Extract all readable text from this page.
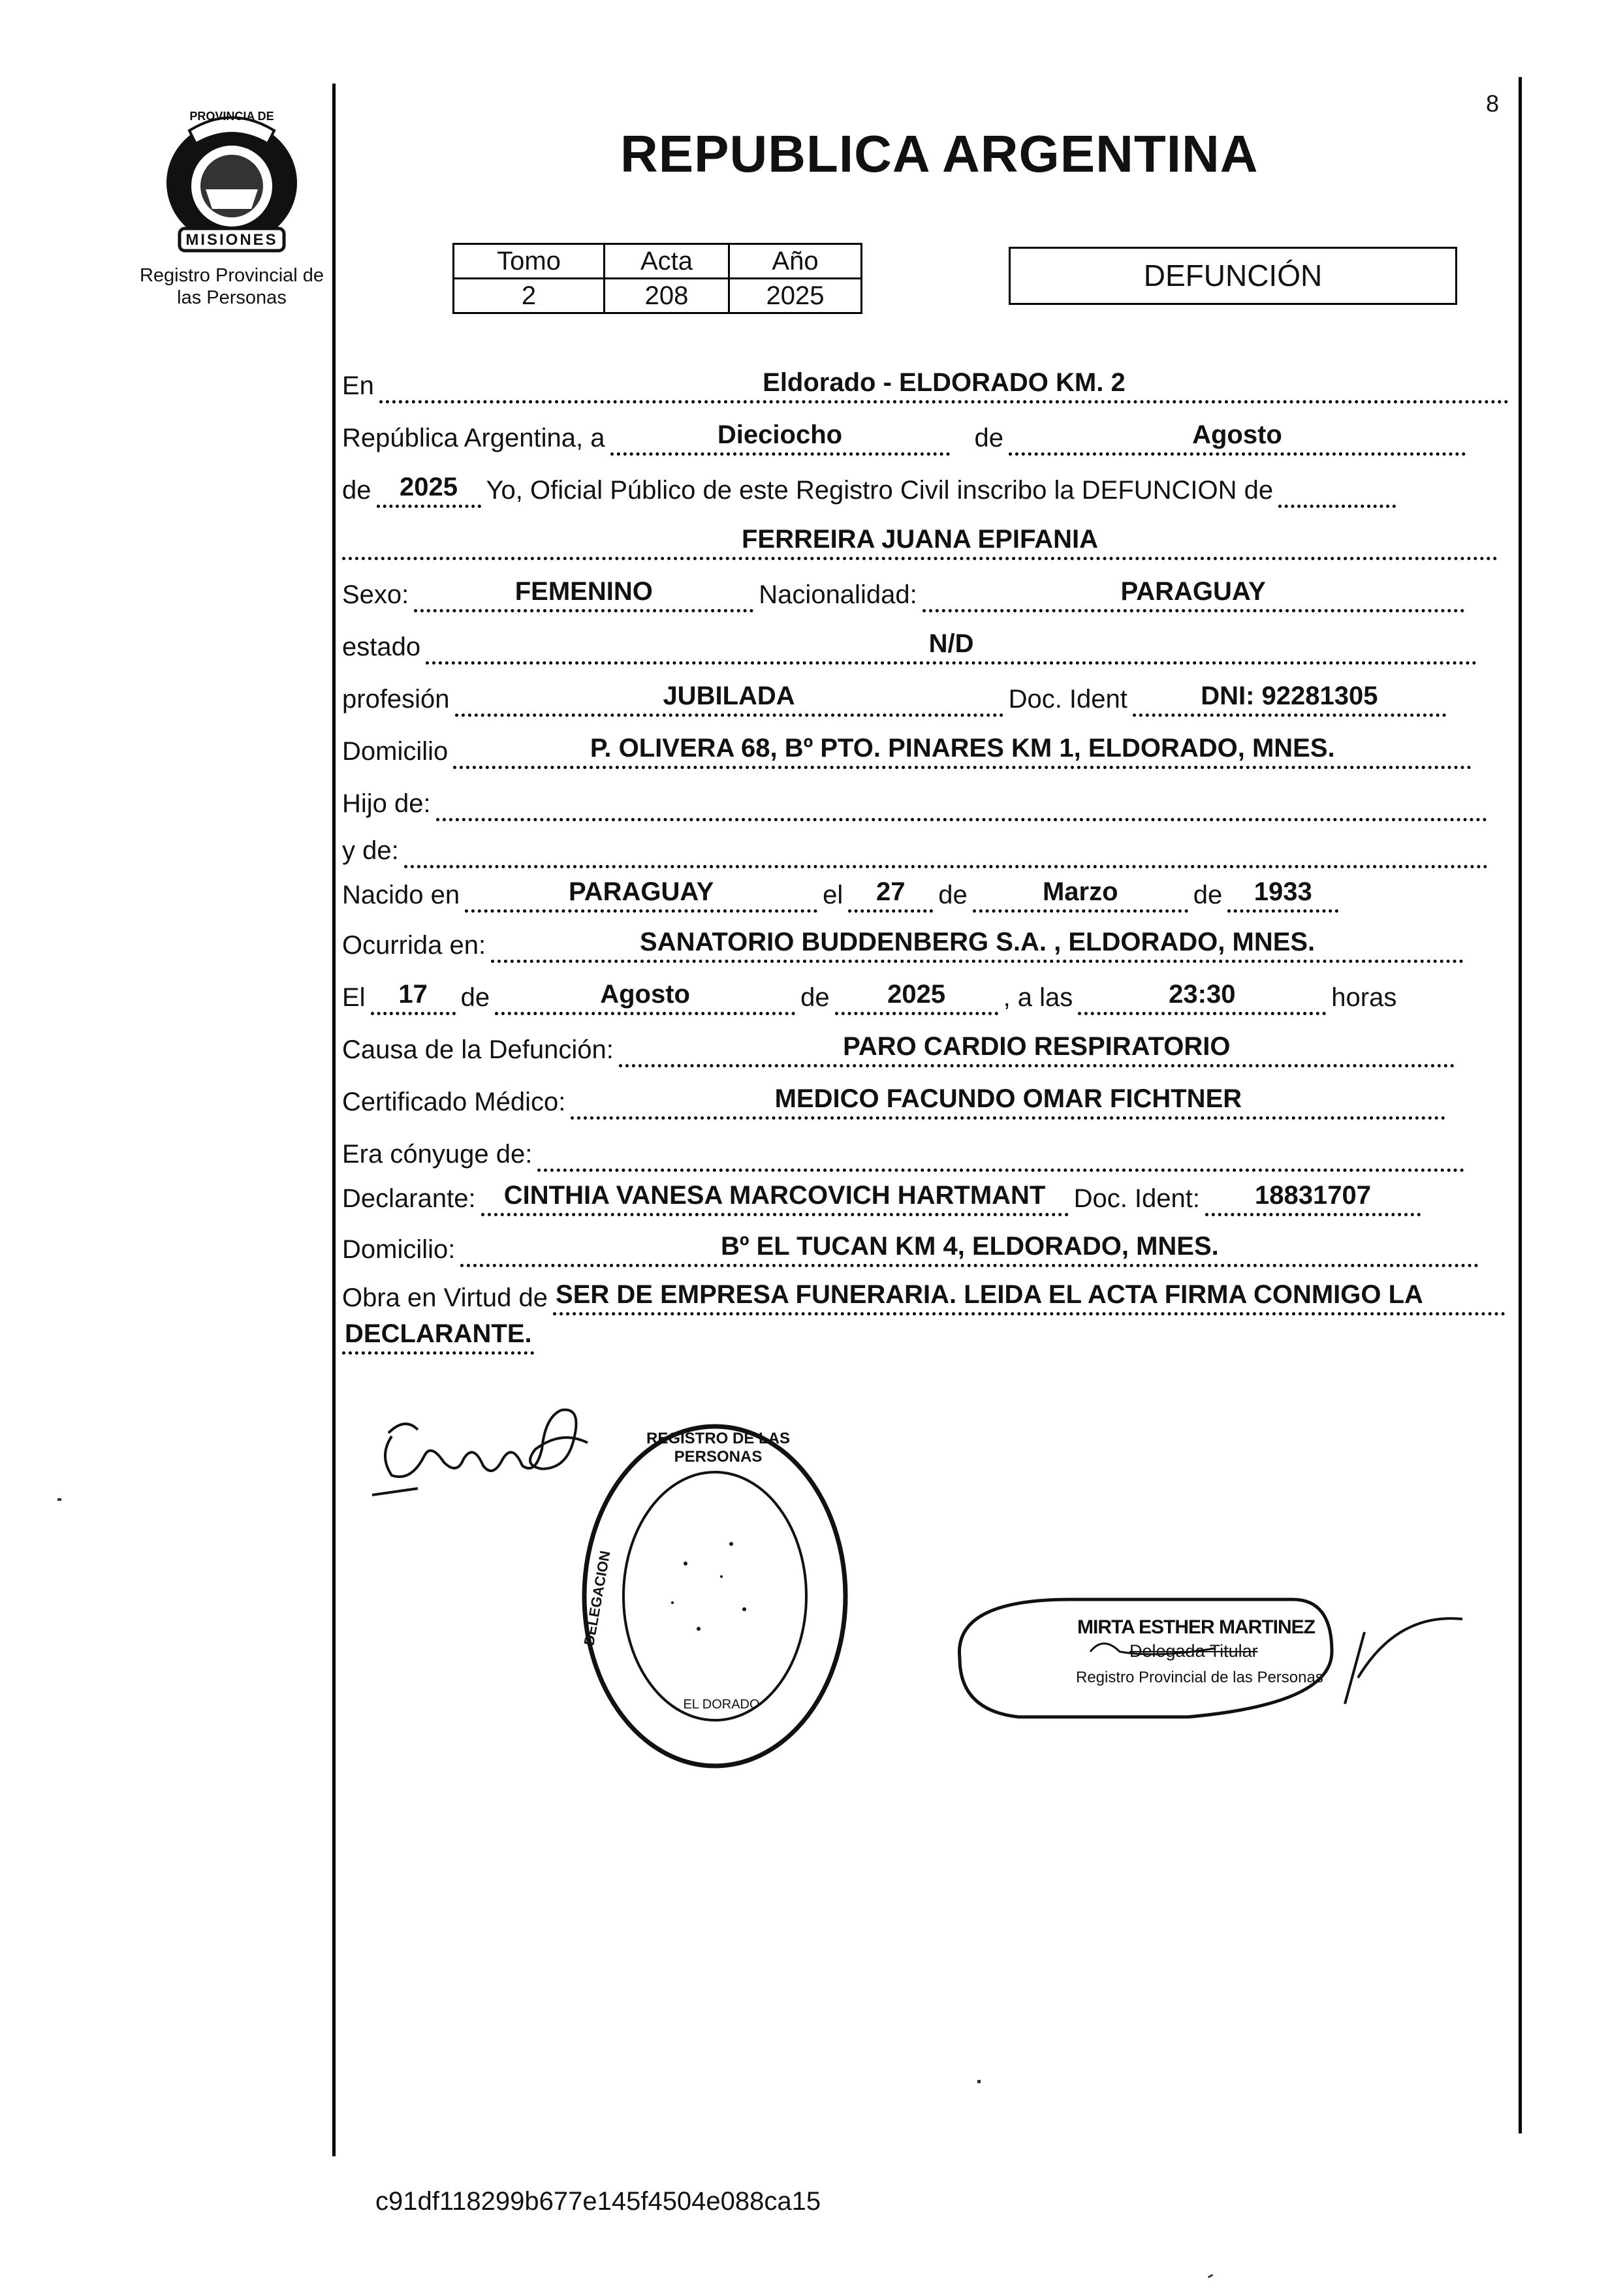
PROVINCIA DE
MISIONES
Registro Provincial de
las Personas
REPUBLICA ARGENTINA
8
Tomo	Acta	Año
2	208	2025
DEFUNCIÓN
En	Eldorado - ELDORADO KM. 2
República Argentina, a	Dieciocho	de	Agosto
de	2025	Yo, Oficial Público de este Registro Civil inscribo la DEFUNCION de
FERREIRA JUANA EPIFANIA
Sexo:	FEMENINO	Nacionalidad:	PARAGUAY
estado	N/D
profesión	JUBILADA	Doc. Ident	DNI: 92281305
Domicilio	P. OLIVERA 68, Bº PTO. PINARES KM 1, ELDORADO, MNES.
Hijo de:
y de:
Nacido en	PARAGUAY	el	27	de	Marzo	de	1933
Ocurrida en:	SANATORIO BUDDENBERG S.A. , ELDORADO, MNES.
El	17	de	Agosto	de	2025	, a las	23:30	horas
Causa de la Defunción:	PARO CARDIO RESPIRATORIO
Certificado Médico:	MEDICO FACUNDO OMAR FICHTNER
Era cónyuge de:
Declarante:	CINTHIA VANESA MARCOVICH HARTMANT	Doc. Ident:	18831707
Domicilio:	Bº EL TUCAN KM 4, ELDORADO, MNES.
Obra en Virtud de SER DE EMPRESA FUNERARIA. LEIDA EL ACTA FIRMA CONMIGO LA
DECLARANTE.
REGISTRO DE LAS PERSONAS
DELEGACION
EL DORADO
MIRTA ESTHER MARTINEZ
Delegada Titular
Registro Provincial de las Personas
c91df118299b677e145f4504e088ca15
